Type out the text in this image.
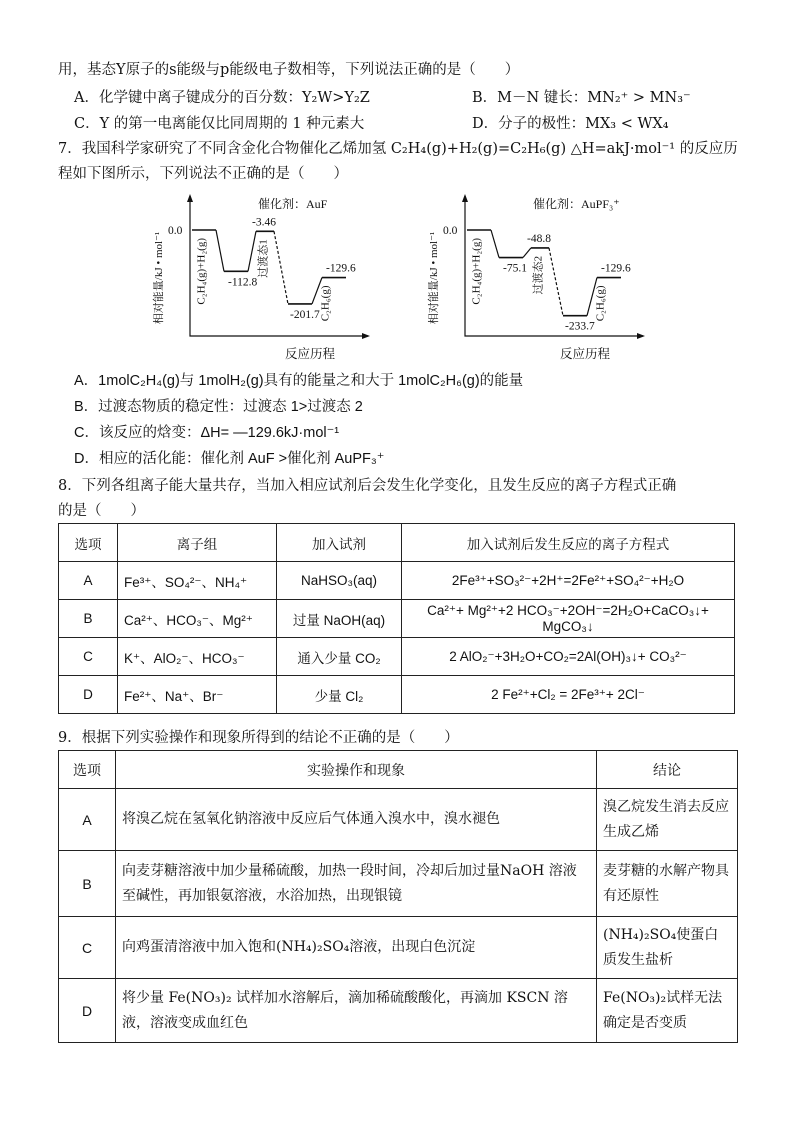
用，基态Y原子的s能级与p能级电子数相等，下列说法正确的是（　　）
A．化学键中离子键成分的百分数：Y₂W>Y₂Z	B．M－N 键长：MN₂⁺ > MN₃⁻
C．Y 的第一电离能仅比同周期的 1 种元素大	D．分子的极性：MX₃ < WX₄
7．我国科学家研究了不同含金化合物催化乙烯加氢 C₂H₄(g)+H₂(g)=C₂H₆(g) △H=akJ·mol⁻¹ 的反应历
程如下图所示，下列说法不正确的是（　　）
相对能量/kJ • mol⁻¹
反应历程
催化剂：AuF
0.0
-112.8
-3.46
-201.7
-129.6
C₂H₄(g)+H₂(g)	过渡态1
C₂H₆(g)	相对能量/kJ • mol⁻¹
反应历程
催化剂：AuPF₃⁺
0.0
-75.1
-48.8
-233.7
-129.6
C₂H₄(g)+H₂(g)	过渡态2
C₂H₆(g)
A．1molC₂H₄(g)与 1molH₂(g)具有的能量之和大于 1molC₂H₆(g)的能量
B．过渡态物质的稳定性：过渡态 1>过渡态 2
C．该反应的焓变：ΔH= —129.6kJ·mol⁻¹
D．相应的活化能：催化剂 AuF >催化剂 AuPF₃⁺
8．下列各组离子能大量共存，当加入相应试剂后会发生化学变化，且发生反应的离子方程式正确
的是（　　）
选项	离子组	加入试剂	加入试剂后发生反应的离子方程式
A	Fe³⁺、SO₄²⁻、NH₄⁺	NaHSO₃(aq)	2Fe³⁺+SO₃²⁻+2H⁺=2Fe²⁺+SO₄²⁻+H₂O
B	Ca²⁺、HCO₃⁻、Mg²⁺	过量 NaOH(aq)	Ca²⁺+ Mg²⁺+2 HCO₃⁻+2OH⁻=2H₂O+CaCO₃↓+ MgCO₃↓
C	K⁺、AlO₂⁻、HCO₃⁻	通入少量 CO₂	2 AlO₂⁻+3H₂O+CO₂=2Al(OH)₃↓+ CO₃²⁻
D	Fe²⁺、Na⁺、Br⁻	少量 Cl₂	2 Fe²⁺+Cl₂ = 2Fe³⁺+ 2Cl⁻
9．根据下列实验操作和现象所得到的结论不正确的是（　　）
选项	实验操作和现象	结论
A	将溴乙烷在氢氧化钠溶液中反应后气体通入溴水中，溴水褪色	溴乙烷发生消去反应生成乙烯
B	向麦芽糖溶液中加少量稀硫酸，加热一段时间，冷却后加过量NaOH 溶液至碱性，再加银氨溶液，水浴加热，出现银镜	麦芽糖的水解产物具有还原性
C	向鸡蛋清溶液中加入饱和(NH₄)₂SO₄溶液，出现白色沉淀	(NH₄)₂SO₄使蛋白质发生盐析
D	将少量 Fe(NO₃)₂ 试样加水溶解后，滴加稀硫酸酸化，再滴加 KSCN 溶液，溶液变成血红色	Fe(NO₃)₂试样无法确定是否变质
